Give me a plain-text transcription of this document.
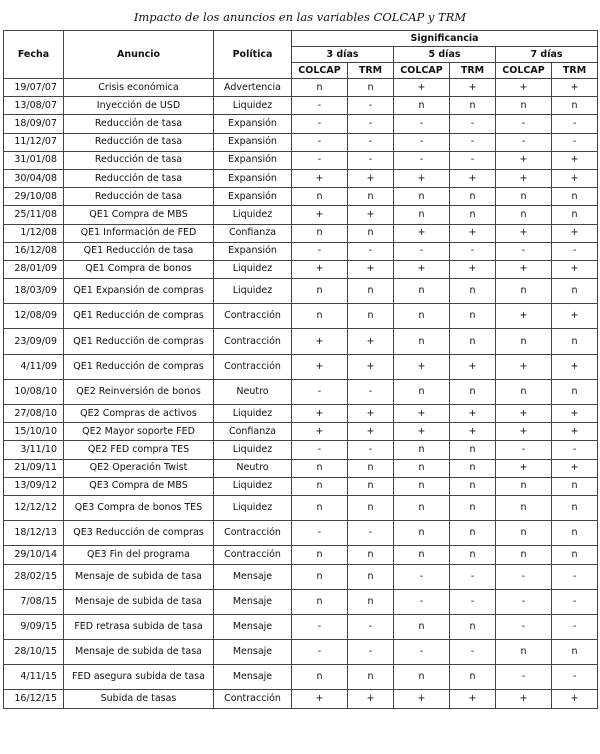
Impacto de los anuncios en las variables COLCAP y TRM
Fecha	Anuncio	Política	Significancia					
			3 días		5 días		7 días	
			COLCAP	TRM	COLCAP	TRM	COLCAP	TRM
19/07/07	Crisis económica	Advertencia	n	n	+	+	+	+
13/08/07	Inyección de USD	Liquidez	-	-	n	n	n	n
18/09/07	Reducción de tasa	Expansión	-	-	-	-	-	-
11/12/07	Reducción de tasa	Expansión	-	-	-	-	-	-
31/01/08	Reducción de tasa	Expansión	-	-	-	-	+	+
30/04/08	Reducción de tasa	Expansión	+	+	+	+	+	+
29/10/08	Reducción de tasa	Expansión	n	n	n	n	n	n
25/11/08	QE1 Compra de MBS	Liquidez	+	+	n	n	n	n
1/12/08	QE1 Información de FED	Confianza	n	n	+	+	+	+
16/12/08	QE1 Reducción de tasa	Expansión	-	-	-	-	-	-
28/01/09	QE1 Compra de bonos	Liquidez	+	+	+	+	+	+
18/03/09	QE1 Expansión de compras	Liquidez	n	n	n	n	n	n
12/08/09	QE1 Reducción de compras	Contracción	n	n	n	n	+	+
23/09/09	QE1 Reducción de compras	Contracción	+	+	n	n	n	n
4/11/09	QE1 Reducción de compras	Contracción	+	+	+	+	+	+
10/08/10	QE2 Reinversión de bonos	Neutro	-	-	n	n	n	n
27/08/10	QE2 Compras de activos	Liquidez	+	+	+	+	+	+
15/10/10	QE2 Mayor soporte FED	Confianza	+	+	+	+	+	+
3/11/10	QE2 FED compra TES	Liquidez	-	-	n	n	-	-
21/09/11	QE2 Operación Twist	Neutro	n	n	n	n	+	+
13/09/12	QE3 Compra de MBS	Liquidez	n	n	n	n	n	n
12/12/12	QE3 Compra de bonos TES	Liquidez	n	n	n	n	n	n
18/12/13	QE3 Reducción de compras	Contracción	-	-	n	n	n	n
29/10/14	QE3 Fin del programa	Contracción	n	n	n	n	n	n
28/02/15	Mensaje de subida de tasa	Mensaje	n	n	-	-	-	-
7/08/15	Mensaje de subida de tasa	Mensaje	n	n	-	-	-	-
9/09/15	FED retrasa subida de tasa	Mensaje	-	-	n	n	-	-
28/10/15	Mensaje de subida de tasa	Mensaje	-	-	-	-	n	n
4/11/15	FED asegura subida de tasa	Mensaje	n	n	n	n	-	-
16/12/15	Subida de tasas	Contracción	+	+	+	+	+	+
